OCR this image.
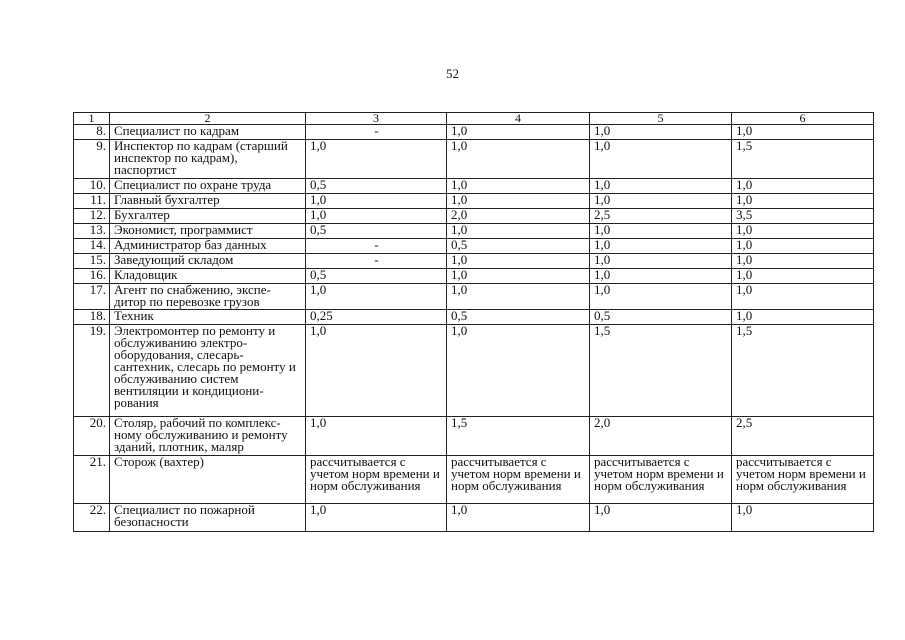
52
1	2	3	4	5	6
8.	Специалист по кадрам	-	1,0	1,0	1,0
9.	Инспектор по кадрам (старший инспектор по кадрам), паспортист	1,0	1,0	1,0	1,5
10.	Специалист по охране труда	0,5	1,0	1,0	1,0
11.	Главный бухгалтер	1,0	1,0	1,0	1,0
12.	Бухгалтер	1,0	2,0	2,5	3,5
13.	Экономист, программист	0,5	1,0	1,0	1,0
14.	Администратор баз данных	-	0,5	1,0	1,0
15.	Заведующий складом	-	1,0	1,0	1,0
16.	Кладовщик	0,5	1,0	1,0	1,0
17.	Агент по снабжению, экспе-дитор по перевозке грузов	1,0	1,0	1,0	1,0
18.	Техник	0,25	0,5	0,5	1,0
19.	Электромонтер по ремонту и обслуживанию электро-оборудования, слесарь-сантехник, слесарь по ремонту и обслуживанию систем вентиляции и кондициони-рования	1,0	1,0	1,5	1,5
20.	Столяр, рабочий по комплекс-ному обслуживанию и ремонту зданий, плотник, маляр	1,0	1,5	2,0	2,5
21.	Сторож (вахтер)	рассчитывается с учетом норм времени и норм обслуживания	рассчитывается с учетом норм времени и норм обслуживания	рассчитывается с учетом норм времени и норм обслуживания	рассчитывается с учетом норм времени и норм обслуживания
22.	Специалист по пожарной безопасности	1,0	1,0	1,0	1,0
